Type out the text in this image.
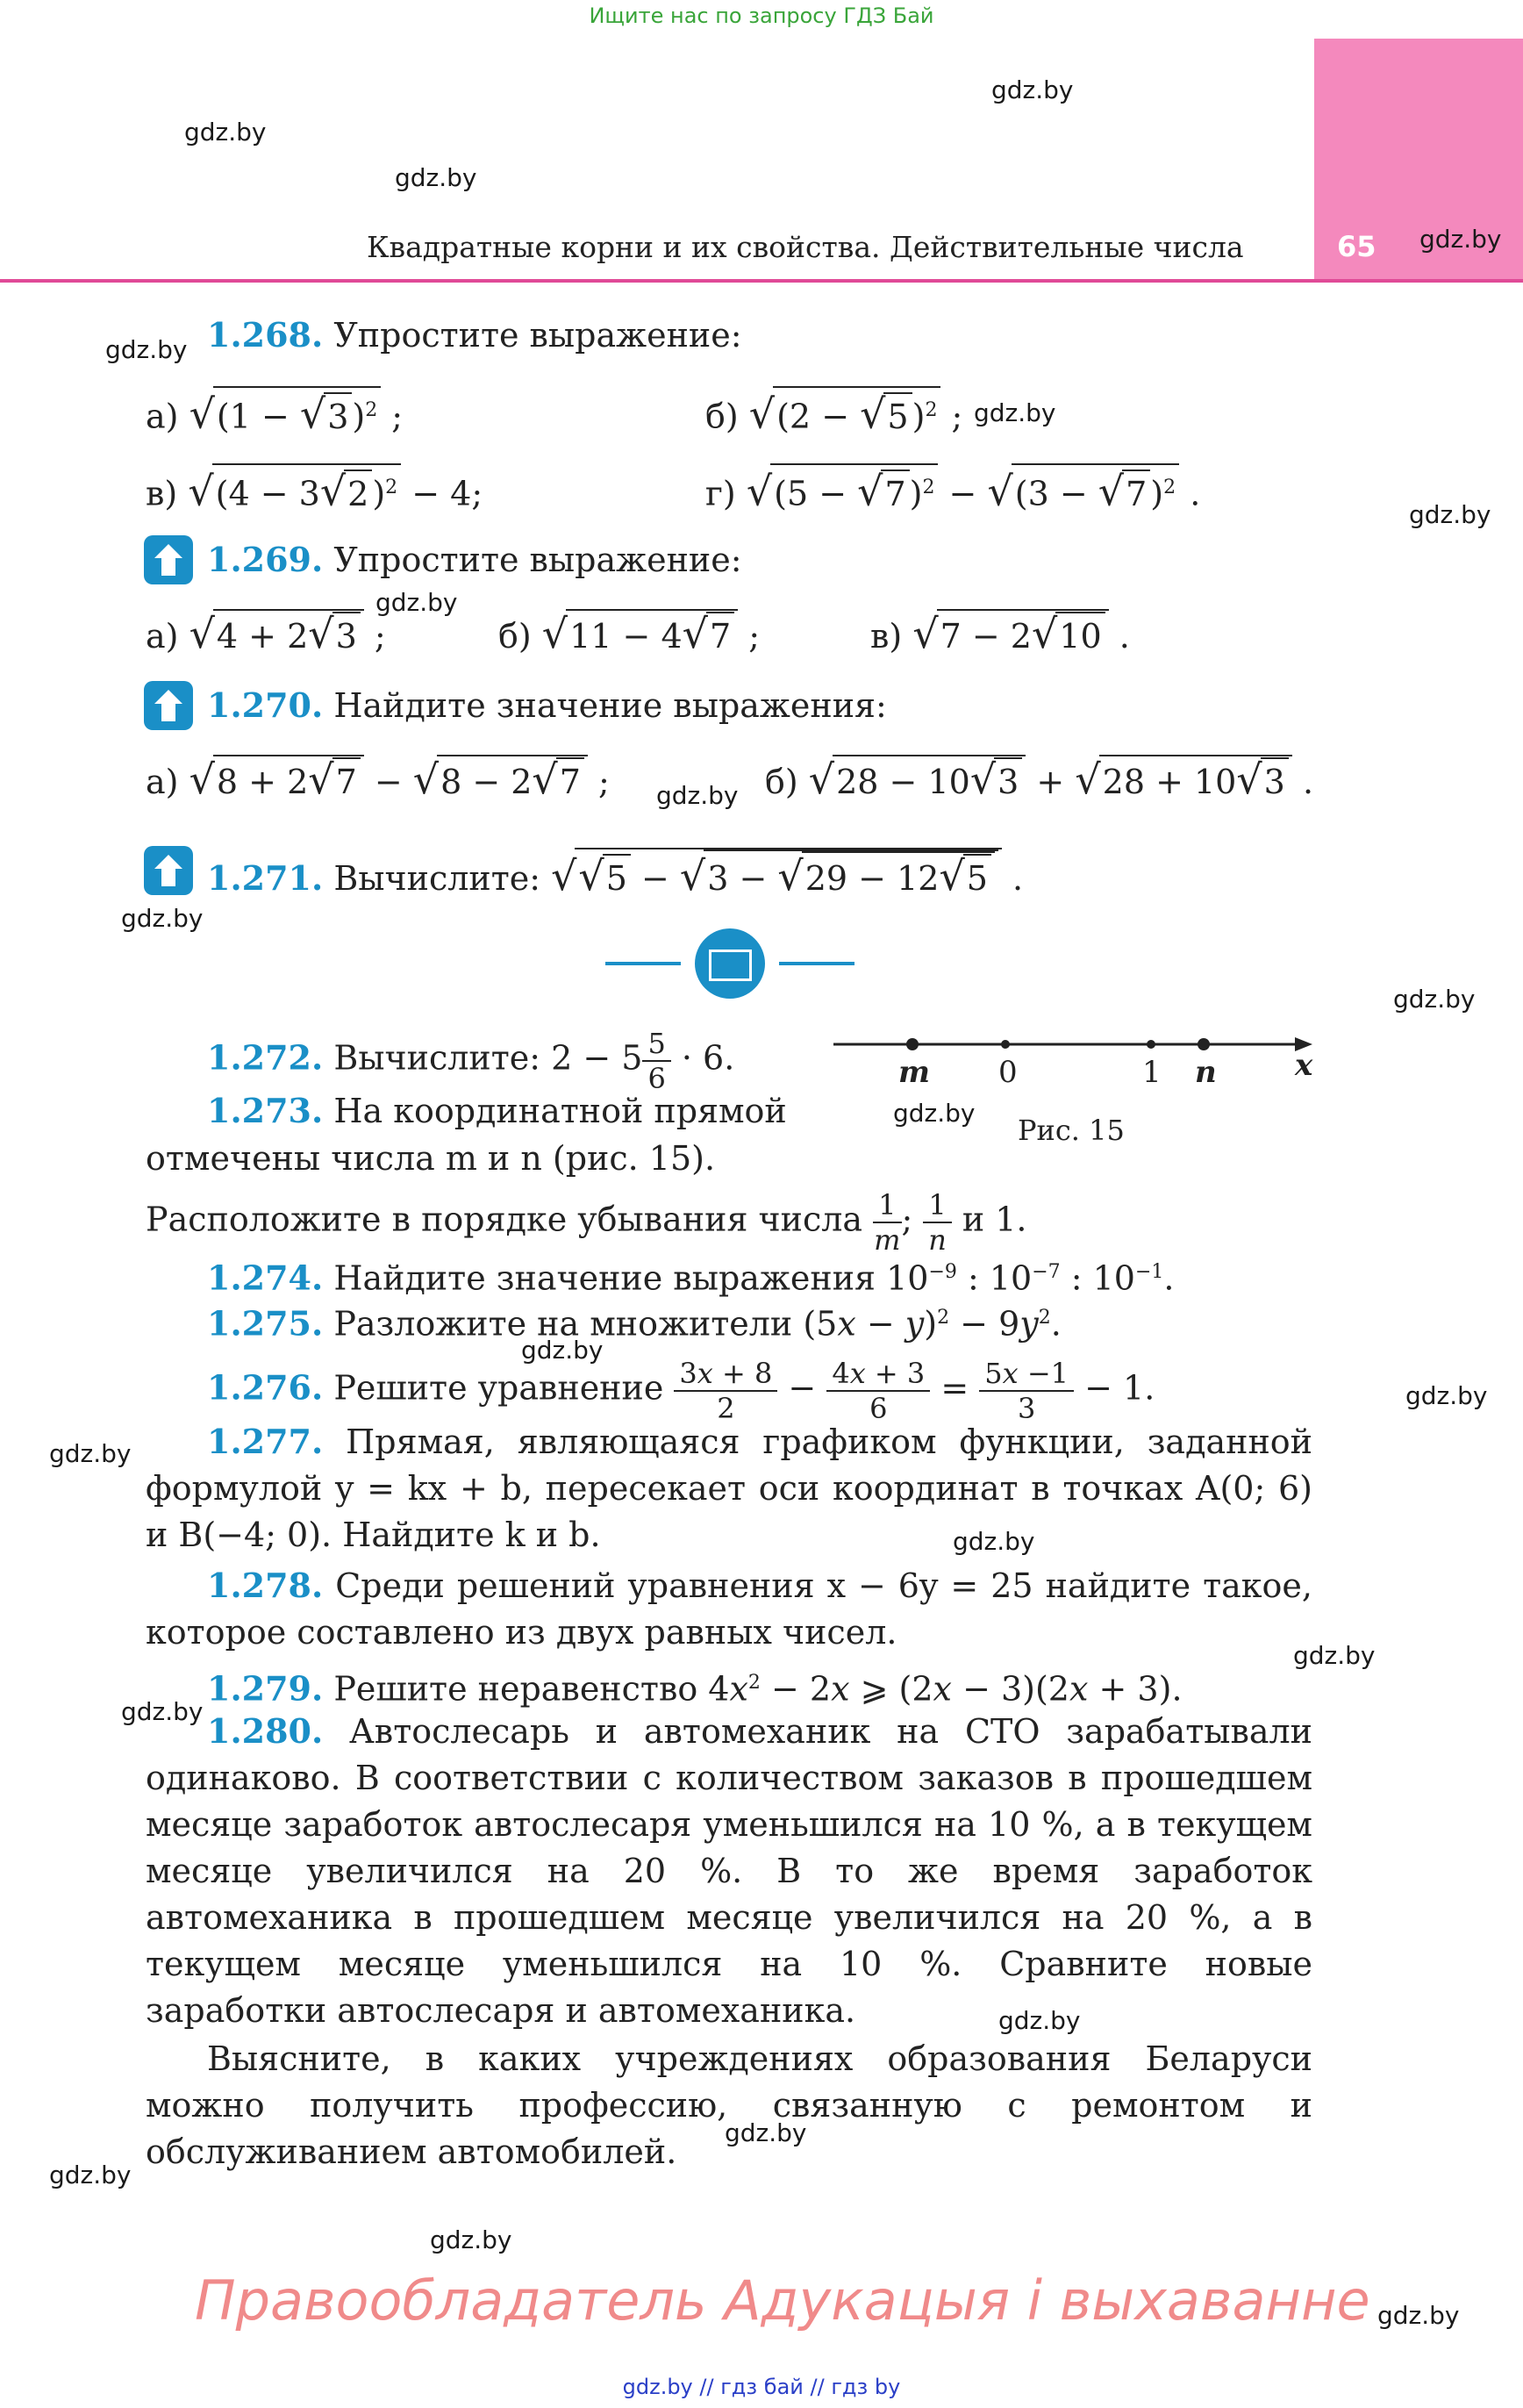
Ищите нас по запросу ГДЗ Бай
65
Квадратные корни и их свойства. Действительные числа
gdz.by
gdz.by
gdz.by
gdz.by
gdz.by
gdz.by
gdz.by
gdz.by
gdz.by
gdz.by
gdz.by
gdz.by
gdz.by
gdz.by
gdz.by
gdz.by
gdz.by
gdz.by
gdz.by
gdz.by
gdz.by
gdz.by
gdz.by
1.268. Упростите выражение:
а) √(1 − √3 )$^2$ ;	б) √(2 − √5 )$^2$ ;
в) √(4 − 3√2 )$^2$ − 4;	г) √(5 − √7 )$^2$ − √(3 − √7 )$^2$ .
1.269. Упростите выражение:
а) √4 + 2√3 ;	б) √11 − 4√7 ;	в) √7 − 2√10 .
1.270. Найдите значение выражения:
а) √8 + 2√7 − √8 − 2√7 ;	б) √28 − 10√3 + √28 + 10√3 .
1.271. Вычислите: √√5 − √3 − √29 − 12√5 .
1.272. Вычислите: $2 - 5 \frac{5}{6} \cdot 6$.	m 0	1 n	x
Рис. 15
1.273. На координатной прямой
отмечены числа m и n (рис. 15).
Расположите в порядке убывания числа $\frac{1}{m}$ ; $\frac{1}{n}$ и 1.
1.274. Найдите значение выражения $10^{-9}$ : $10^{-7}$ : $10^{-1}$.
1.275. Разложите на множители $(5x - y)^2 - 9y^2$.
1.276. Решите уравнение $\frac{3x + 8}{2} - \frac{4x + 3}{6} = \frac{5x -1}{3} - 1$.
1.277. Прямая, являющаяся графиком функции, заданной формулой y = kx + b, пересекает оси координат в точках A(0; 6) и B(−4; 0). Найдите k и b.
1.278. Среди решений уравнения x − 6y = 25 найдите такое, которое составлено из двух равных чисел.
1.279. Решите неравенство $4x^2 - 2x$ ⩾ (2x − 3)(2x + 3).
1.280. Автослесарь и автомеханик на СТО зарабатывали одинаково. В соответствии с количеством заказов в прошедшем месяце заработок автослесаря уменьшился на 10 %, а в текущем месяце увеличился на 20 %. В то же время заработок автомеханика в прошедшем месяце увеличился на 20 %, а в текущем месяце уменьшился на 10 %. Сравните новые заработки автослесаря и автомеханика.
Выясните, в каких учреждениях образования Беларуси можно получить профессию, связанную с ремонтом и обслуживанием автомобилей.
Правообладатель Адукацыя і выхаванне
gdz.by // гдз бай // гдз by
